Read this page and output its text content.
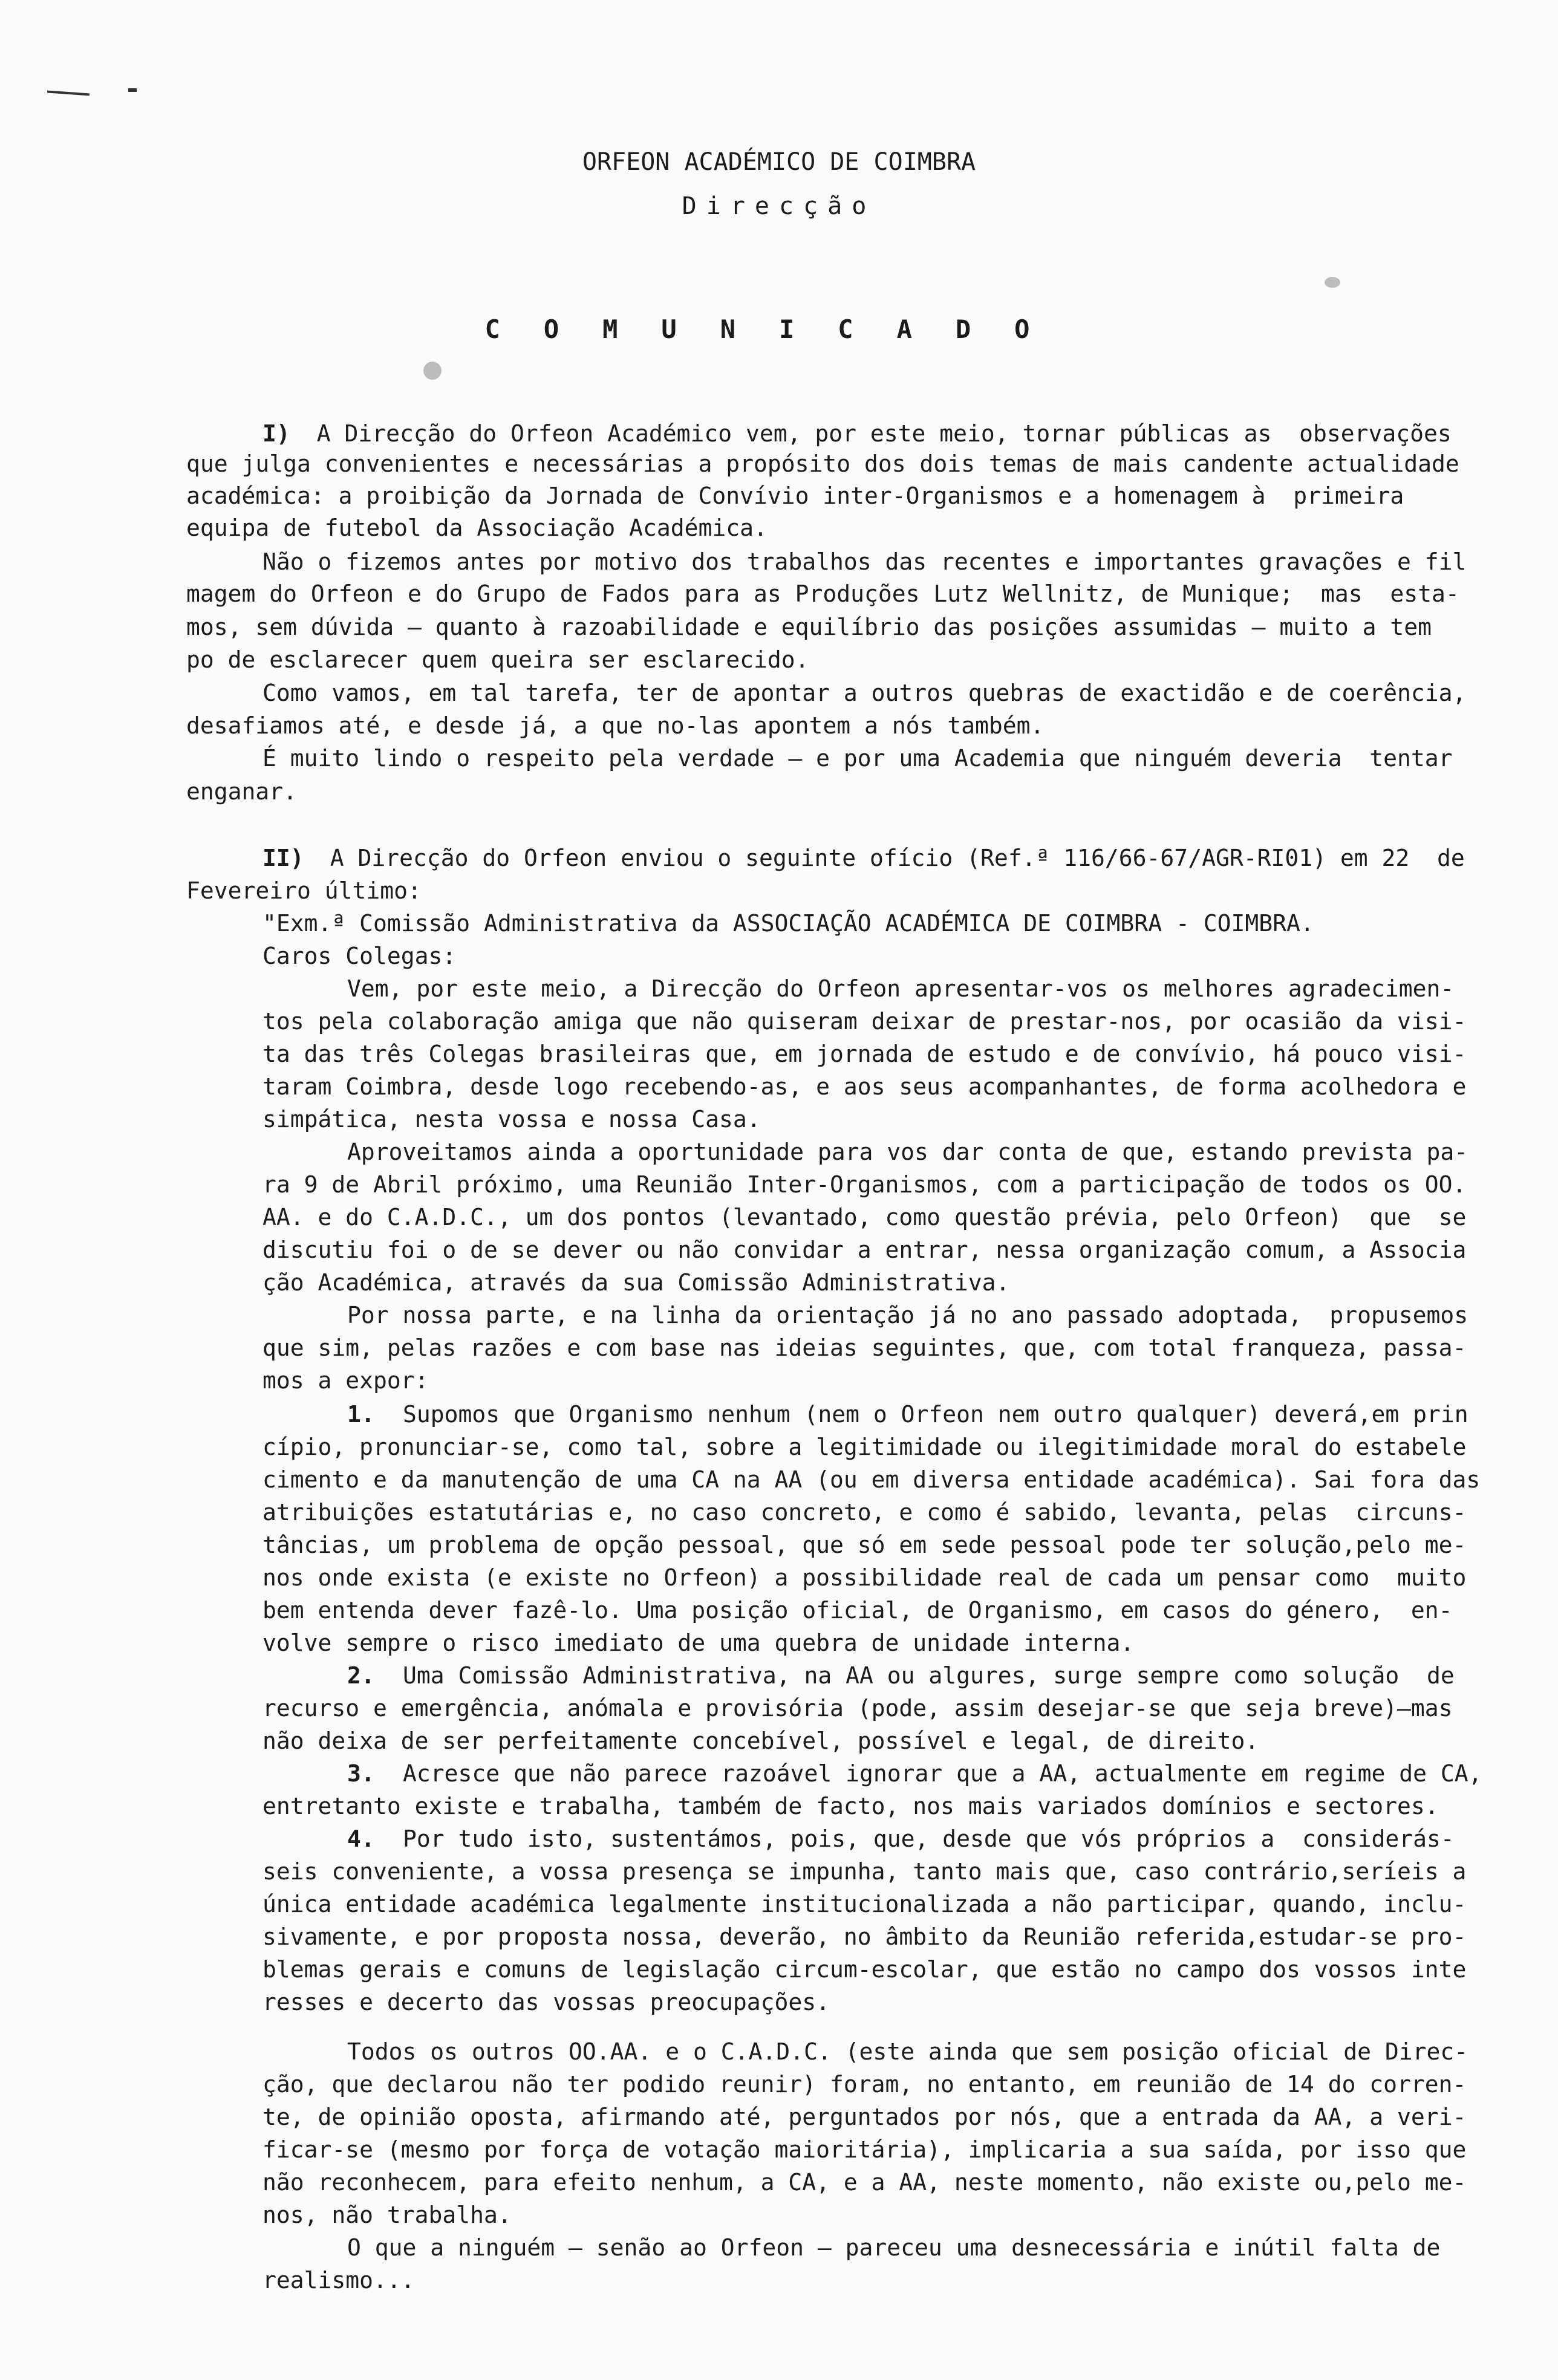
ORFEON ACADÉMICO DE COIMBRA
Direcção
COMUNICADO
I)
A Direcção do Orfeon Académico vem, por este meio, tornar públicas as  observações
que julga convenientes e necessárias a propósito dos dois temas de mais candente actualidade
académica: a proibição da Jornada de Convívio inter-Organismos e a homenagem à  primeira
equipa de futebol da Associação Académica.
Não o fizemos antes por motivo dos trabalhos das recentes e importantes gravações e fil
magem do Orfeon e do Grupo de Fados para as Produções Lutz Wellnitz, de Munique;  mas  esta-
mos, sem dúvida — quanto à razoabilidade e equilíbrio das posições assumidas — muito a tem
po de esclarecer quem queira ser esclarecido.
Como vamos, em tal tarefa, ter de apontar a outros quebras de exactidão e de coerência,
desafiamos até, e desde já, a que no-las apontem a nós também.
É muito lindo o respeito pela verdade — e por uma Academia que ninguém deveria  tentar
enganar.
II)
A Direcção do Orfeon enviou o seguinte ofício (Ref.ª 116/66-67/AGR-RI01) em 22  de
Fevereiro último:
"Exm.ª Comissão Administrativa da ASSOCIAÇÃO ACADÉMICA DE COIMBRA - COIMBRA.
Caros Colegas:
Vem, por este meio, a Direcção do Orfeon apresentar-vos os melhores agradecimen-
tos pela colaboração amiga que não quiseram deixar de prestar-nos, por ocasião da visi-
ta das três Colegas brasileiras que, em jornada de estudo e de convívio, há pouco visi-
taram Coimbra, desde logo recebendo-as, e aos seus acompanhantes, de forma acolhedora e
simpática, nesta vossa e nossa Casa.
Aproveitamos ainda a oportunidade para vos dar conta de que, estando prevista pa-
ra 9 de Abril próximo, uma Reunião Inter-Organismos, com a participação de todos os OO.
AA. e do C.A.D.C., um dos pontos (levantado, como questão prévia, pelo Orfeon)  que  se
discutiu foi o de se dever ou não convidar a entrar, nessa organização comum, a Associa
ção Académica, através da sua Comissão Administrativa.
Por nossa parte, e na linha da orientação já no ano passado adoptada,  propusemos
que sim, pelas razões e com base nas ideias seguintes, que, com total franqueza, passa-
mos a expor:
1. Supomos que Organismo nenhum (nem o Orfeon nem outro qualquer) deverá,em prin
cípio, pronunciar-se, como tal, sobre a legitimidade ou ilegitimidade moral do estabele
cimento e da manutenção de uma CA na AA (ou em diversa entidade académica). Sai fora das
atribuições estatutárias e, no caso concreto, e como é sabido, levanta, pelas  circuns-
tâncias, um problema de opção pessoal, que só em sede pessoal pode ter solução,pelo me-
nos onde exista (e existe no Orfeon) a possibilidade real de cada um pensar como  muito
bem entenda dever fazê-lo. Uma posição oficial, de Organismo, em casos do género,  en-
volve sempre o risco imediato de uma quebra de unidade interna.
2. Uma Comissão Administrativa, na AA ou algures, surge sempre como solução  de
recurso e emergência, anómala e provisória (pode, assim desejar-se que seja breve)—mas
não deixa de ser perfeitamente concebível, possível e legal, de direito.
3. Acresce que não parece razoável ignorar que a AA, actualmente em regime de CA,
entretanto existe e trabalha, também de facto, nos mais variados domínios e sectores.
4. Por tudo isto, sustentámos, pois, que, desde que vós próprios a  considerás-
seis conveniente, a vossa presença se impunha, tanto mais que, caso contrário,seríeis a
única entidade académica legalmente institucionalizada a não participar, quando, inclu-
sivamente, e por proposta nossa, deverão, no âmbito da Reunião referida,estudar-se pro-
blemas gerais e comuns de legislação circum-escolar, que estão no campo dos vossos inte
resses e decerto das vossas preocupações.
Todos os outros OO.AA. e o C.A.D.C. (este ainda que sem posição oficial de Direc-
ção, que declarou não ter podido reunir) foram, no entanto, em reunião de 14 do corren-
te, de opinião oposta, afirmando até, perguntados por nós, que a entrada da AA, a veri-
ficar-se (mesmo por força de votação maioritária), implicaria a sua saída, por isso que
não reconhecem, para efeito nenhum, a CA, e a AA, neste momento, não existe ou,pelo me-
nos, não trabalha.
O que a ninguém — senão ao Orfeon — pareceu uma desnecessária e inútil falta de
realismo...
